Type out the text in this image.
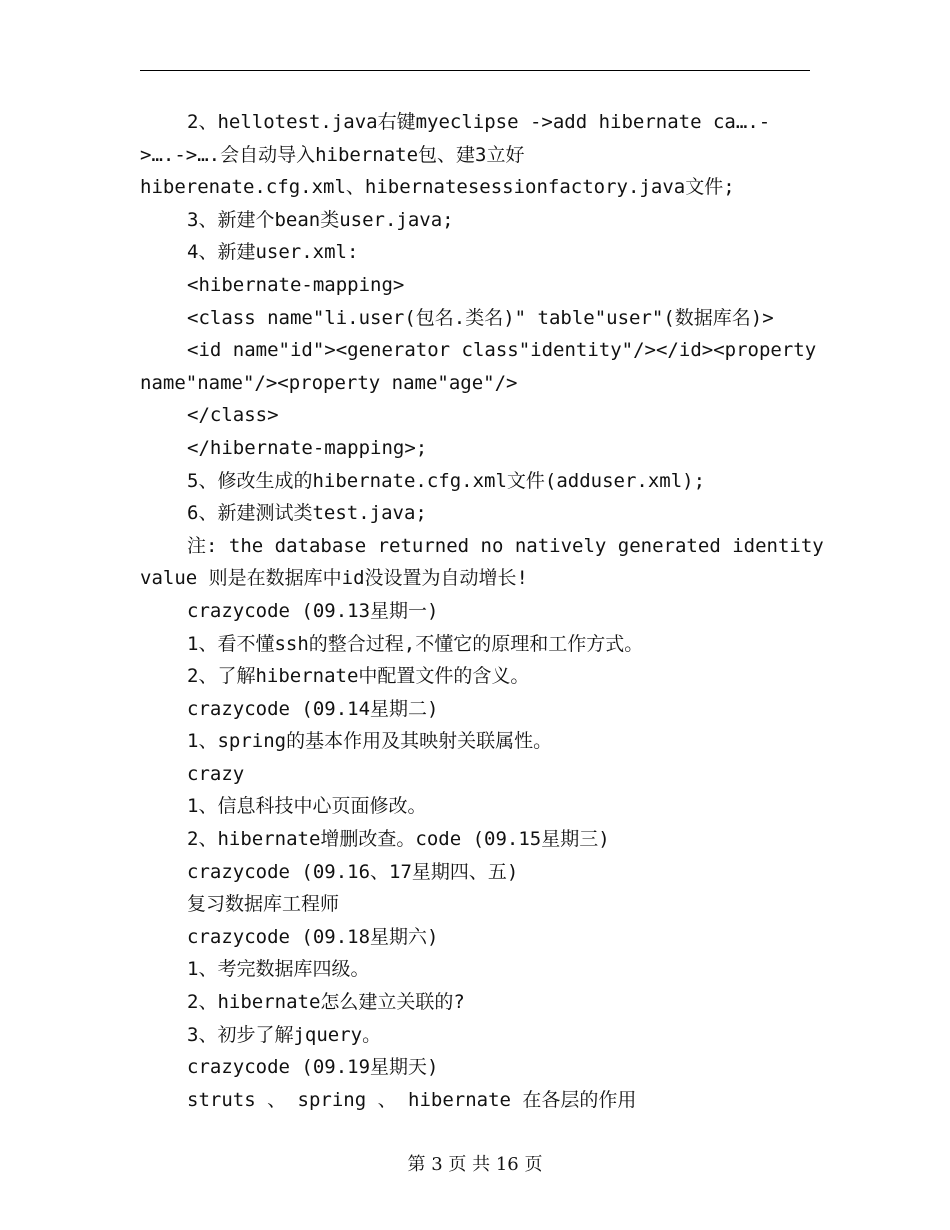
2、hellotest.java右键myeclipse ->add hibernate ca….-
>….->….会自动导入hibernate包、建3立好
hiberenate.cfg.xml、hibernatesessionfactory.java文件;
3、新建个bean类user.java;
4、新建user.xml:
<hibernate-mapping>
<class name"li.user(包名.类名)" table"user"(数据库名)>
<id name"id"><generator class"identity"/></id><property
name"name"/><property name"age"/>
</class>
</hibernate-mapping>;
5、修改生成的hibernate.cfg.xml文件(adduser.xml);
6、新建测试类test.java;
注: the database returned no natively generated identity
value 则是在数据库中id没设置为自动增长!
crazycode (09.13星期一)
1、看不懂ssh的整合过程,不懂它的原理和工作方式。
2、了解hibernate中配置文件的含义。
crazycode (09.14星期二)
1、spring的基本作用及其映射关联属性。
crazy
1、信息科技中心页面修改。
2、hibernate增删改查。code (09.15星期三)
crazycode (09.16、17星期四、五)
复习数据库工程师
crazycode (09.18星期六)
1、考完数据库四级。
2、hibernate怎么建立关联的?
3、初步了解jquery。
crazycode (09.19星期天)
struts 、 spring 、 hibernate 在各层的作用
第 3 页 共 16 页
